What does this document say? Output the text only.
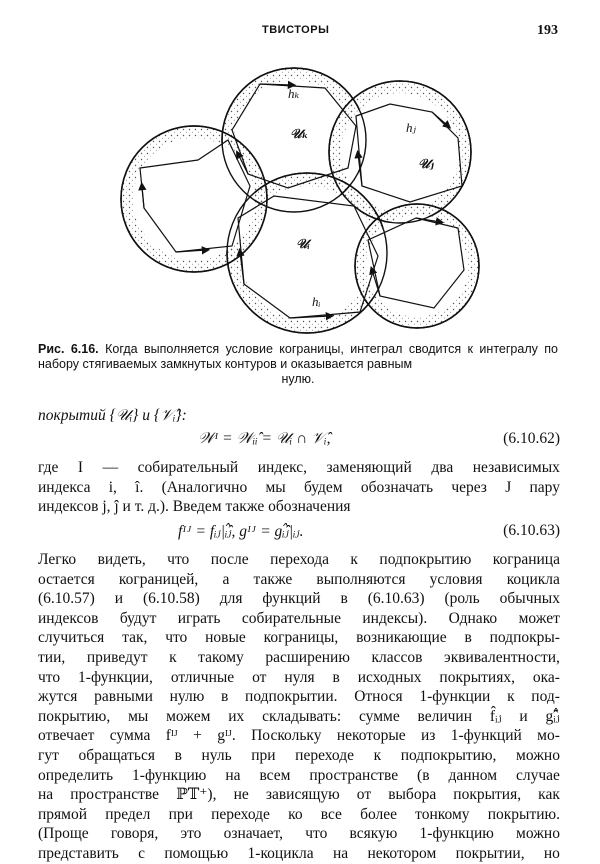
ТВИСТОРЫ	193
hₖ
𝒰ₖ	hⱼ
𝒰ⱼ
𝒰ᵢ
hᵢ
Рис. 6.16. Когда выполняется условие кограницы, интеграл сводится к интегралу по набору стягиваемых замкнутых контуров и оказывается равным
нулю.
покрытий {𝒰ᵢ} и {𝒱ᵢ̂}:
𝒲ᴵ = 𝒲ᵢᵢ̂ = 𝒰ᵢ ∩ 𝒱ᵢ̂,	(6.10.62)
где I — собирательный индекс, заменяющий два независимых
индекса i, î. (Аналогично мы будем обозначать через J пару
индексов j, ĵ и т. д.). Введем также обозначения
fᴵᴶ = fᵢⱼ|ᵢ̂ⱼ̂, gᴵᴶ = gᵢ̂ⱼ̂|ᵢⱼ.	(6.10.63)
Легко видеть, что после перехода к подпокрытию кограница
остается кограницей, а также выполняются условия коцикла
(6.10.57) и (6.10.58) для функций в (6.10.63) (роль обычных
индексов будут играть собирательные индексы). Однако может
случиться так, что новые кограницы, возникающие в подпокры-
тии, приведут к такому расширению классов эквивалентности,
что 1-функции, отличные от нуля в исходных покрытиях, ока-
жутся равными нулю в подпокрытии. Относя 1-функции к под-
покрытию, мы можем их складывать: сумме величин f̂ᵢⱼ и gᵢ̂ⱼ̂
отвечает сумма fᴵᴶ + gᴵᴶ. Поскольку некоторые из 1-функций мо-
гут обращаться в нуль при переходе к подпокрытию, можно
определить 1-функцию на всем пространстве (в данном случае
на пространстве ℙ𝕋⁺), не зависящую от выбора покрытия, как
прямой предел при переходе ко все более тонкому покрытию.
(Проще говоря, это означает, что всякую 1-функцию можно
представить с помощью 1-коцикла на некотором покрытии, но
